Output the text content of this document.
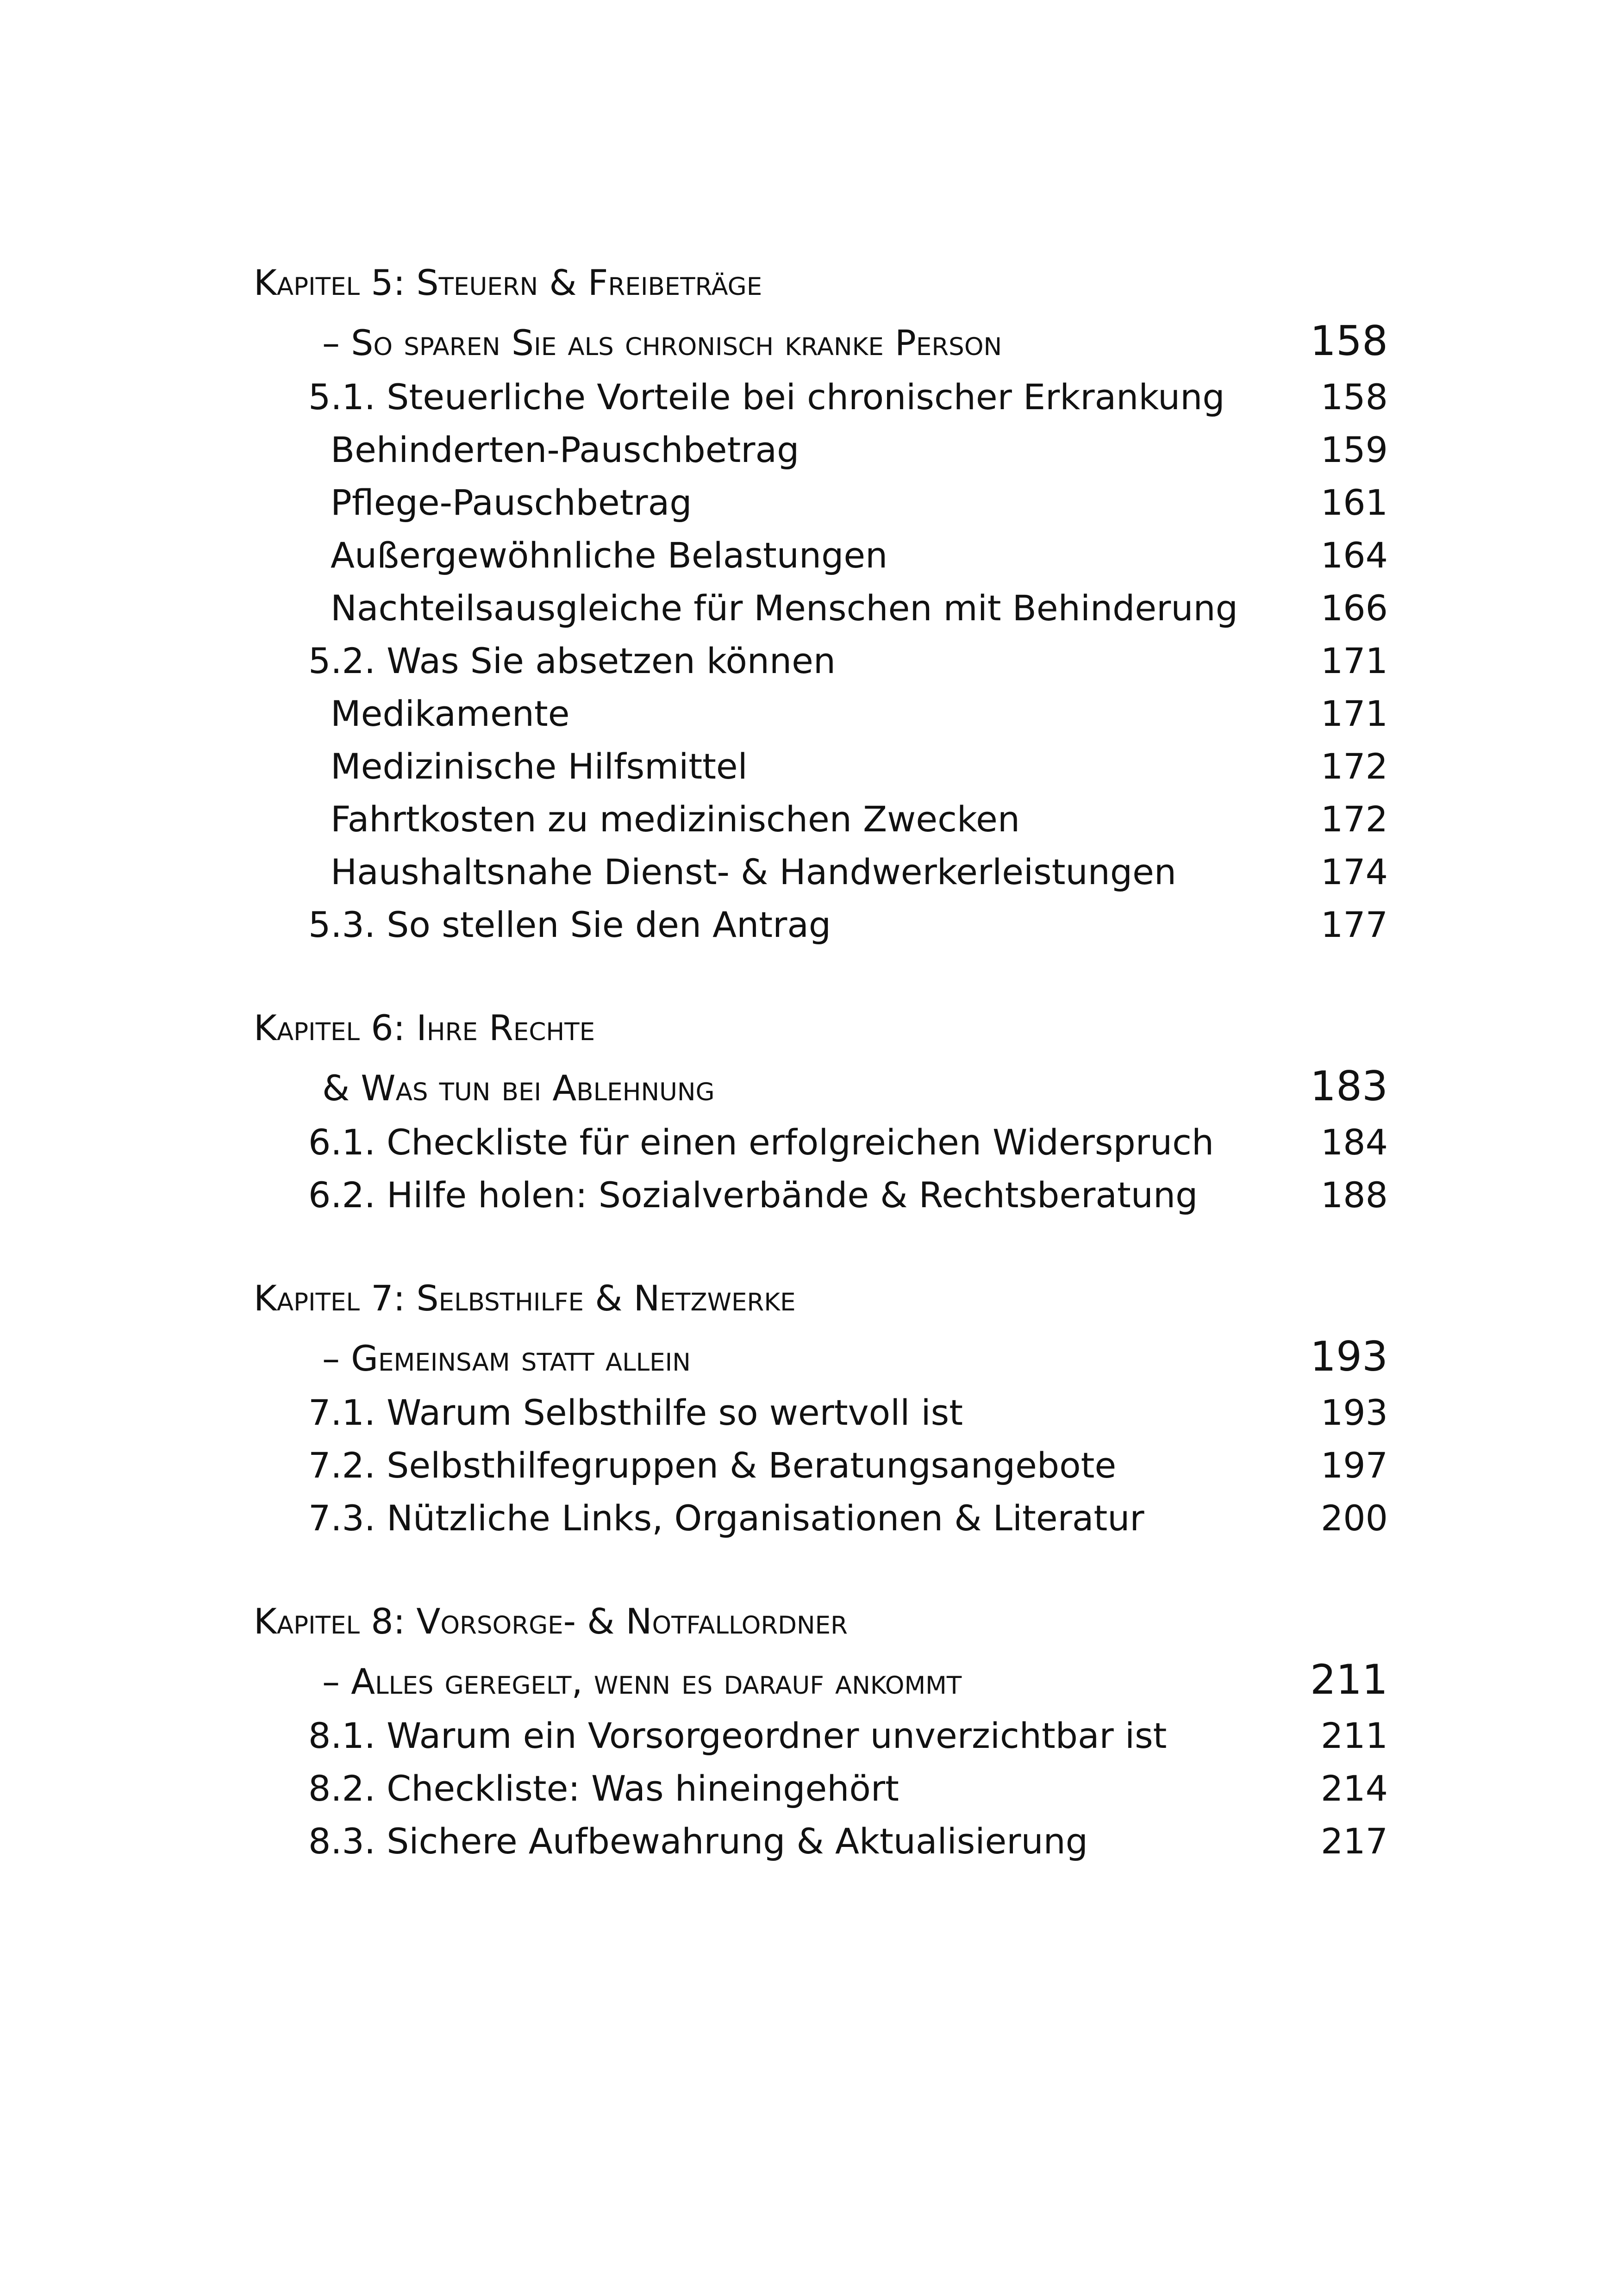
Kapitel 5: Steuern & Freibeträge
– So sparen Sie als chronisch kranke Person	158
5.1. Steuerliche Vorteile bei chronischer Erkrankung	158
Behinderten-Pauschbetrag	159
Pflege-Pauschbetrag	161
Außergewöhnliche Belastungen	164
Nachteilsausgleiche für Menschen mit Behinderung 166
5.2. Was Sie absetzen können	171
Medikamente	171
Medizinische Hilfsmittel	172
Fahrtkosten zu medizinischen Zwecken	172
Haushaltsnahe Dienst- & Handwerkerleistungen	174
5.3. So stellen Sie den Antrag	177
Kapitel 6: Ihre Rechte
& Was tun bei Ablehnung	183
6.1. Checkliste für einen erfolgreichen Widerspruch	184
6.2. Hilfe holen: Sozialverbände & Rechtsberatung	188
Kapitel 7: Selbsthilfe & Netzwerke
– Gemeinsam statt allein	193
7.1. Warum Selbsthilfe so wertvoll ist	193
7.2. Selbsthilfegruppen & Beratungsangebote	197
7.3. Nützliche Links, Organisationen & Literatur	200
Kapitel 8: Vorsorge- & Notfallordner
– Alles geregelt, wenn es darauf ankommt	211
8.1. Warum ein Vorsorgeordner unverzichtbar ist	211
8.2. Checkliste: Was hineingehört	214
8.3. Sichere Aufbewahrung & Aktualisierung	217
